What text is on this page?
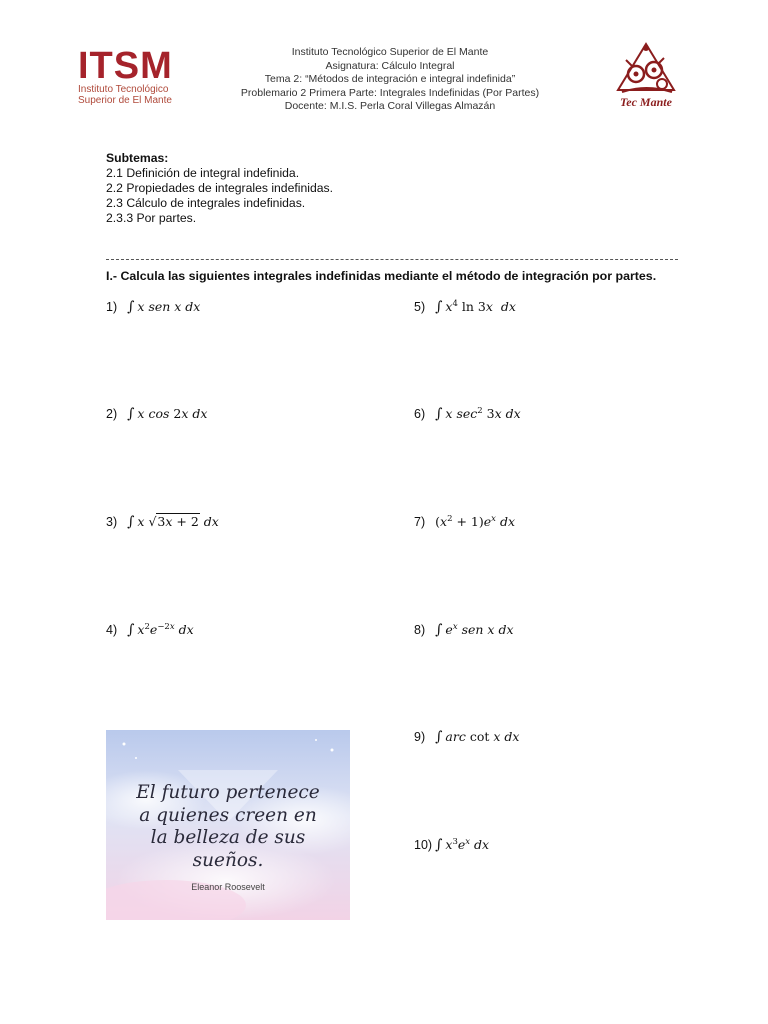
ITSM
Instituto Tecnológico
Superior de El Mante
Instituto Tecnológico Superior de El Mante
Asignatura: Cálculo Integral
Tema 2: “Métodos de integración e integral indefinida”
Problemario 2 Primera Parte: Integrales Indefinidas (Por Partes)
Docente: M.I.S. Perla Coral Villegas Almazán	Tec Mante
Subtemas:
2.1 Definición de integral indefinida.
2.2 Propiedades de integrales indefinidas.
2.3 Cálculo de integrales indefinidas.
2.3.3 Por partes.
I.- Calcula las siguientes integrales indefinidas mediante el método de integración por partes.
1) ∫ x sen x dx
2) ∫ x cos 2x dx
3) ∫ x √3x + 2 dx
4) ∫ $x^2e^{-2x}$ dx
5) ∫ $x^4$ ln 3x  dx
6) ∫ x $\sec^2 3x$ dx
7) $(x^2 + 1)e^x$ dx
8) ∫ $e^x$ sen x dx
9) ∫ arc cot x dx
10) ∫ $x^3e^x$ dx
El futuro pertenece
a quienes creen en
la belleza de sus
sueños.
Eleanor Roosevelt
